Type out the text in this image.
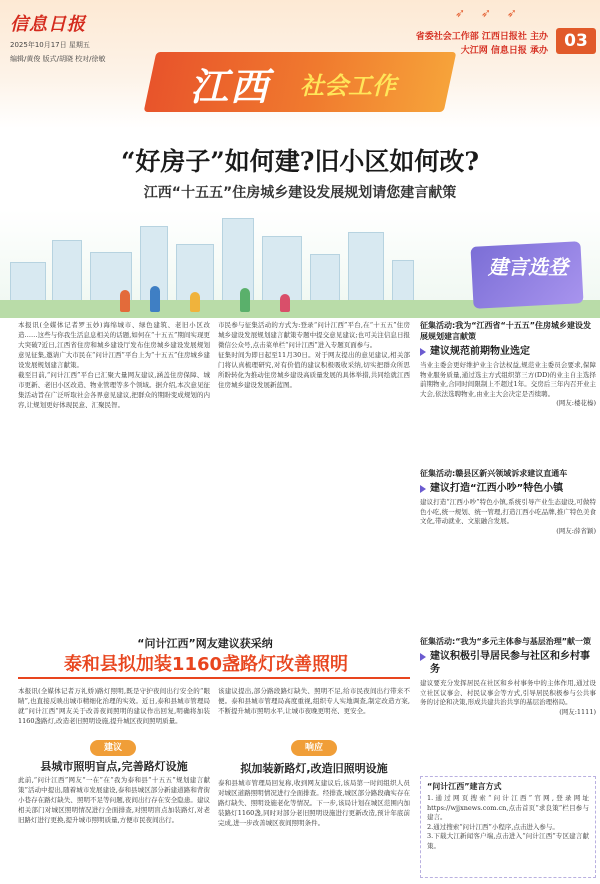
➶ ➶ ➶
信息日报
2025年10月17日 星期五
编辑/黄俊 版式/胡晓 校对/徐敏
江西 社会工作
省委社会工作部 江西日报社 主办
大江网 信息日报 承办 03
“好房子”如何建?旧小区如何改?
江西“十五五”住房城乡建设发展规划请您建言献策
建言选登
征集活动:我为“江西省“十五五”住房城乡建设发展规划建言献策
建议规范前期物业选定
当业主委会更好维护业主合法权益,规范业主委员会要求,保障物业服务质量,通过选主方式组织第三方(DD)的业主自主选择前期物业,合同时间限制上不超过1年。交房后三年内召开业主大会,依法选聘物业,由业主大会决定是否续聘。
(网友:楼花榛)
征集活动:赣县区新兴领域诉求建议直通车
建议打造“江西小吵”特色小镇
建议打造“江西小吵”特色小镇,系统引导产业生态建设,可做特色小吃,统一规划、统一管理,打造江西小吃品牌,推广特色美食文化,带动就业、文旅融合发展。
(网友:薛省颖)
征集活动:“我为“多元主体参与基层治理”献一策
建议积极引导居民参与社区和乡村事务
建议要充分发挥居民在社区和乡村事务中的主体作用,通过设立社区议事会、村民议事会等方式,引导居民积极参与公共事务的讨论和决策,形成共建共治共享的基层治理格局。
(网友:1111)
本报讯(全媒体记者罗玉妙)海绵城市、绿色建筑、老旧小区改造……这些与你我生活息息相关的话题,如何在“十五五”期间实现更大突破?近日,江西省住房和城乡建设厅发布住房城乡建设发展规划意见征集,邀请广大市民在“问计江西”平台上为“十五五”住房城乡建设发展规划建言献策。
截至目前,“问计江西”平台已汇聚大量网友建议,涵盖住房保障、城市更新、老旧小区改造、物业管理等多个领域。据介绍,本次意见征集活动旨在广泛听取社会各界意见建议,把群众的期盼变成规划的内容,让规划更好体现民意、汇聚民智。
市民参与征集活动的方式为:登录“问计江西”平台,在“十五五”住房城乡建设发展规划建言献策专题中提交意见建议;也可关注信息日报微信公众号,点击菜单栏“问计江西”进入专题页面参与。
征集时间为即日起至11月30日。对于网友提出的意见建议,相关部门将认真梳理研究,对有价值的建议积极吸收采纳,切实把群众所思所盼转化为推动住房城乡建设高质量发展的具体举措,共同绘就江西住房城乡建设发展新蓝图。
“问计江西”网友建议获采纳
泰和县拟加装1160盏路灯改善照明
本报讯(全媒体记者万礼娇)路灯照明,既是守护夜间出行安全的“眼睛”,也直接反映出城市精细化治理的实效。近日,泰和县城市管理局就“问计江西”网友关于改善夜间照明的建议作出回复,明确将加装1160盏路灯,改造老旧照明设施,提升城区夜间照明质量。
该建议提出,部分路段路灯缺失、照明不足,给市民夜间出行带来不便。泰和县城市管理局高度重视,组织专人实地调查,制定改造方案,不断提升城市照明水平,让城市夜晚更明亮、更安全。
建议
县城市照明盲点,完善路灯设施
此前,“问计江西”网友“一在”在“我为泰和县“十五五”规划建言献策”活动中提出,随着城市发展建设,泰和县城区部分新建道路和背街小巷存在路灯缺失、照明不足等问题,夜间出行存在安全隐患。建议相关部门对城区照明情况进行全面排查,对照明盲点加装路灯,对老旧路灯进行更换,提升城市照明质量,方便市民夜间出行。
响应
拟加装新路灯,改造旧照明设施
泰和县城市管理局回复称,收到网友建议后,该局第一时间组织人员对城区道路照明情况进行全面排查。经排查,城区部分路段确实存在路灯缺失、照明设施老化等情况。下一步,该局计划在城区范围内加装路灯1160盏,同时对部分老旧照明设施进行更新改造,预计年底前完成,进一步改善城区夜间照明条件。
“问计江西”建言方式
1.通过网页搜索“问计江西”官网,登录网址 https://wjjxnews.com.cn,点击首页“求良策”栏目参与建言。
2.通过搜索“问计江西”小程序,点击进入参与。
3.下载大江新闻客户端,点击进入“问计江西”专区建言献策。
